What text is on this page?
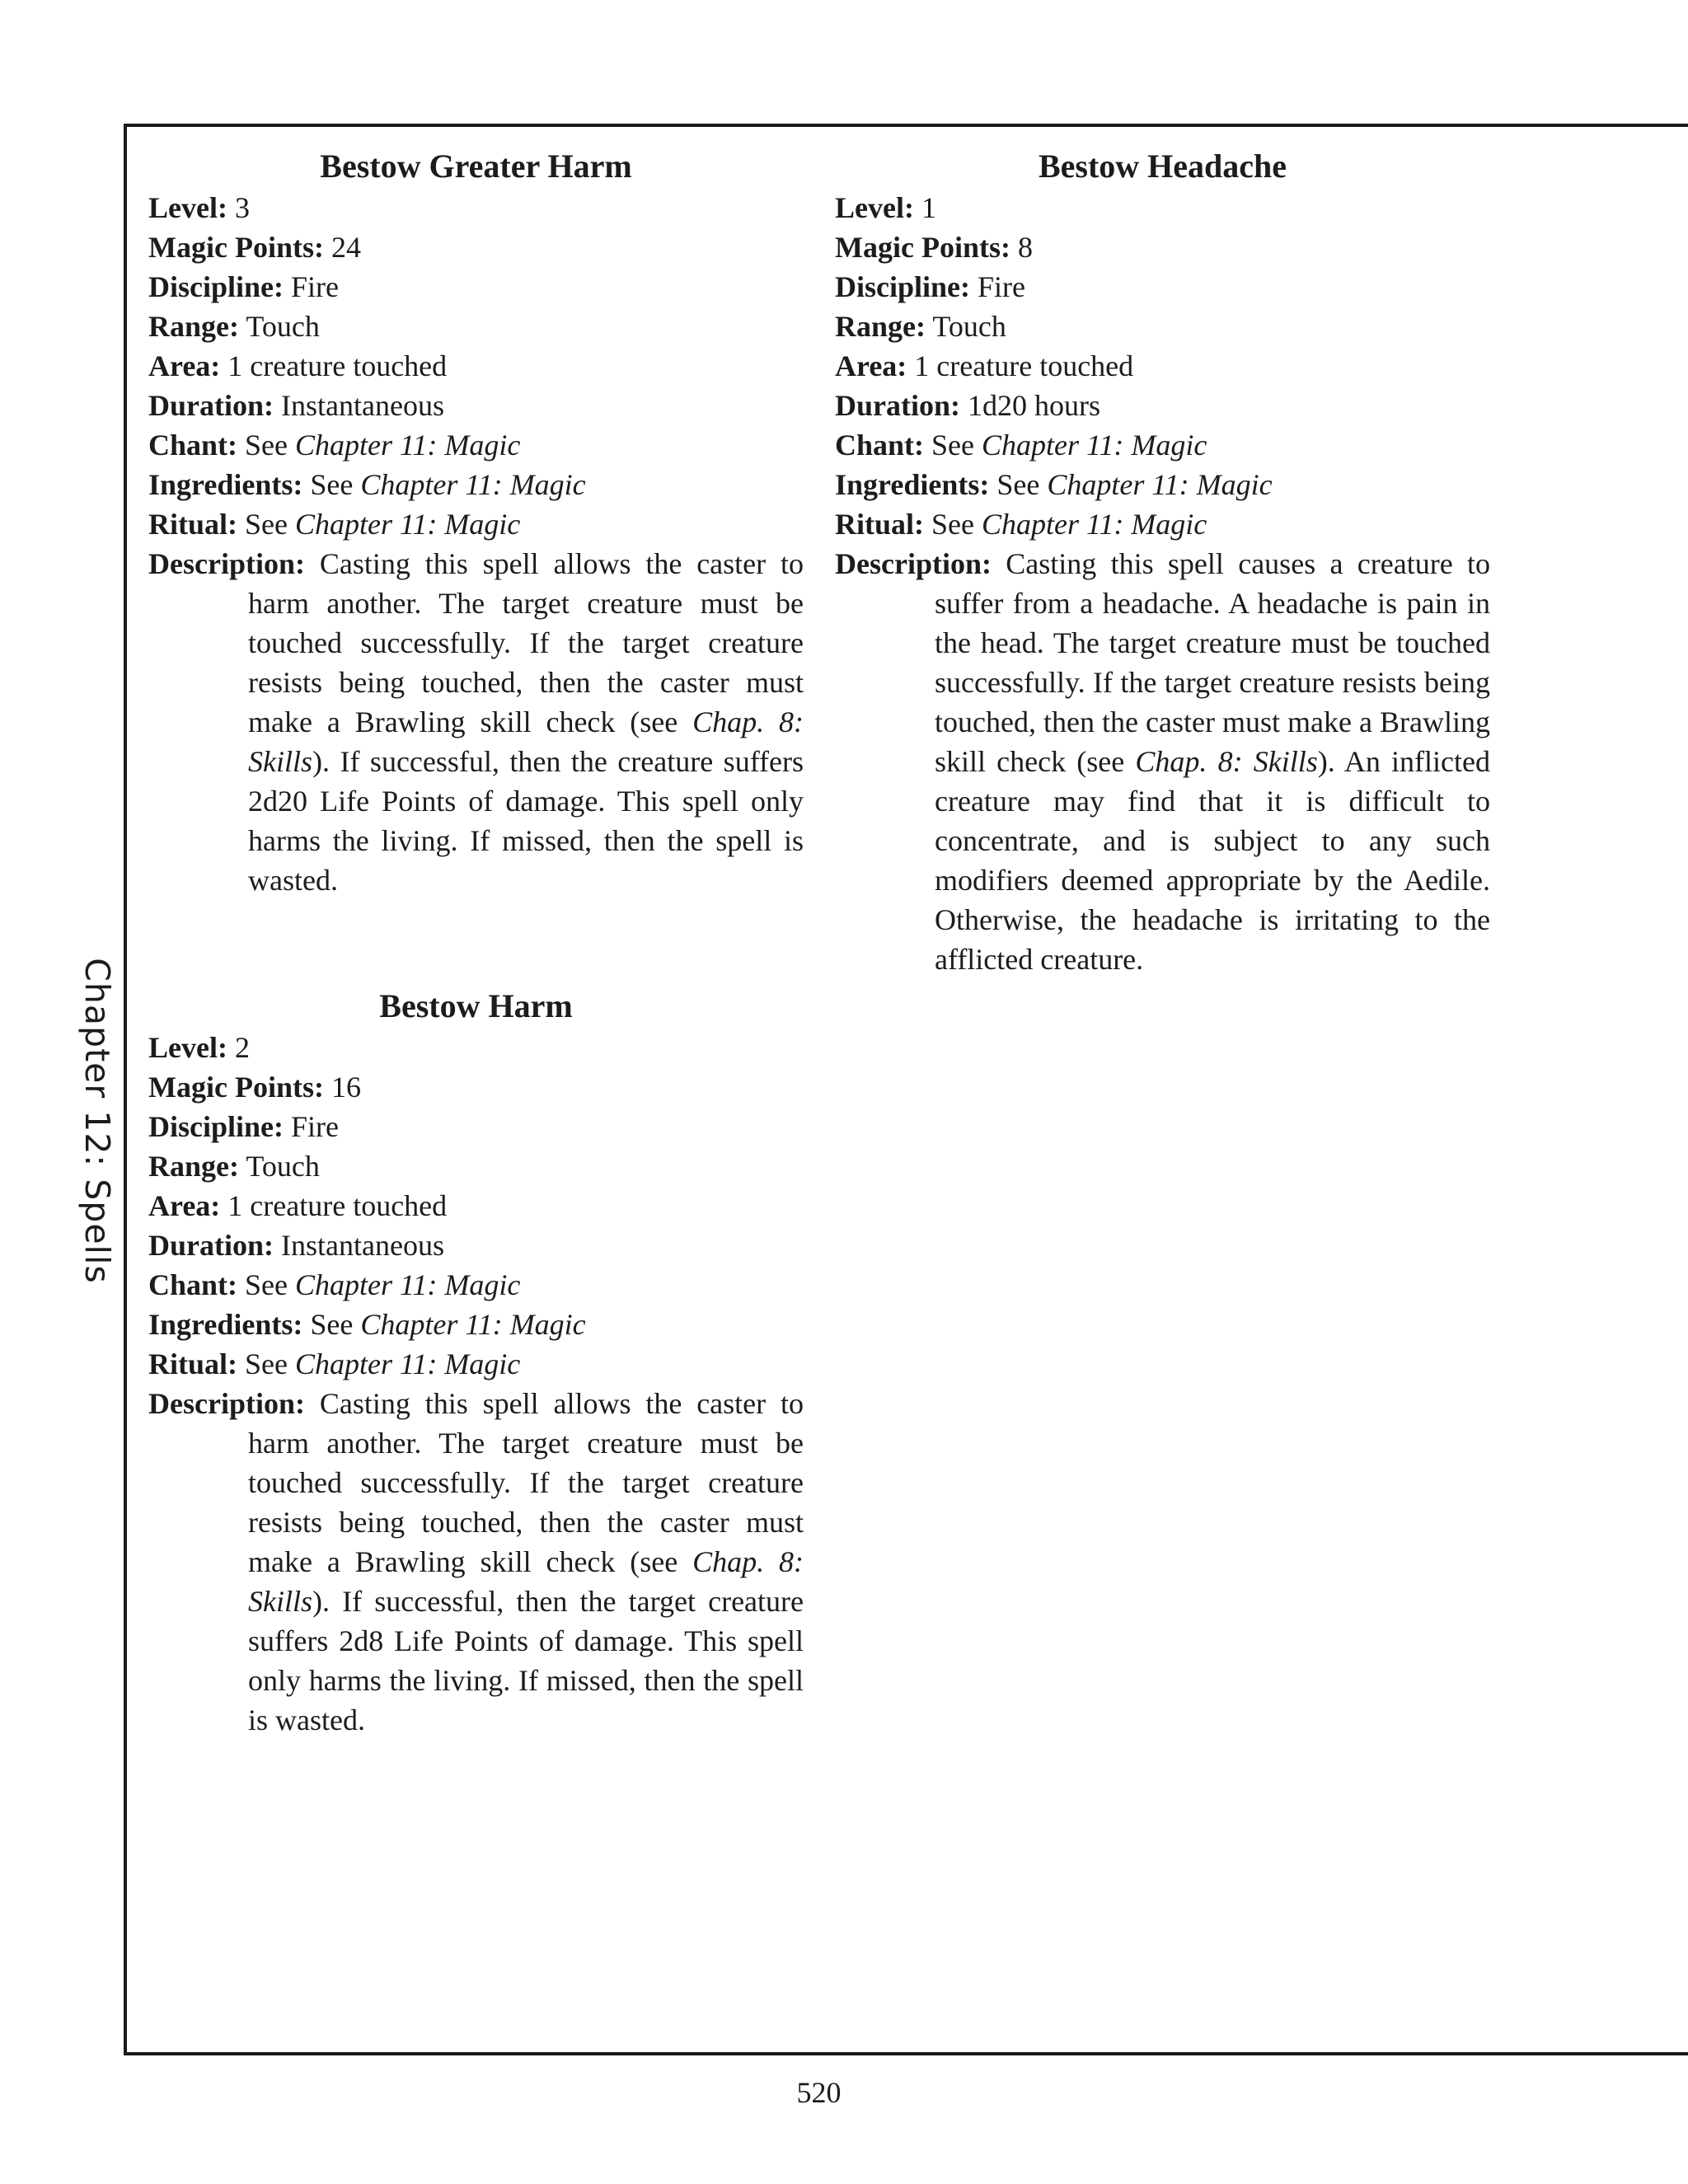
Chapter 12: Spells
Bestow Greater Harm
Level: 3
Magic Points: 24
Discipline: Fire
Range: Touch
Area: 1 creature touched
Duration: Instantaneous
Chant: See Chapter 11: Magic
Ingredients: See Chapter 11: Magic
Ritual: See Chapter 11: Magic
Description: Casting this spell allows the caster to harm another. The target creature must be touched successfully. If the target creature resists being touched, then the caster must make a Brawling skill check (see Chap. 8: Skills). If successful, then the creature suffers 2d20 Life Points of damage. This spell only harms the living. If missed, then the spell is wasted.
Bestow Harm
Level: 2
Magic Points: 16
Discipline: Fire
Range: Touch
Area: 1 creature touched
Duration: Instantaneous
Chant: See Chapter 11: Magic
Ingredients: See Chapter 11: Magic
Ritual: See Chapter 11: Magic
Description: Casting this spell allows the caster to harm another. The target creature must be touched successfully. If the target creature resists being touched, then the caster must make a Brawling skill check (see Chap. 8: Skills). If successful, then the target creature suffers 2d8 Life Points of damage. This spell only harms the living. If missed, then the spell is wasted.
Bestow Headache
Level: 1
Magic Points: 8
Discipline: Fire
Range: Touch
Area: 1 creature touched
Duration: 1d20 hours
Chant: See Chapter 11: Magic
Ingredients: See Chapter 11: Magic
Ritual: See Chapter 11: Magic
Description: Casting this spell causes a creature to suffer from a headache. A headache is pain in the head. The target creature must be touched successfully. If the target creature resists being touched, then the caster must make a Brawling skill check (see Chap. 8: Skills). An inflicted creature may find that it is difficult to concentrate, and is subject to any such modifiers deemed appropriate by the Aedile. Otherwise, the headache is irritating to the afflicted creature.
520
